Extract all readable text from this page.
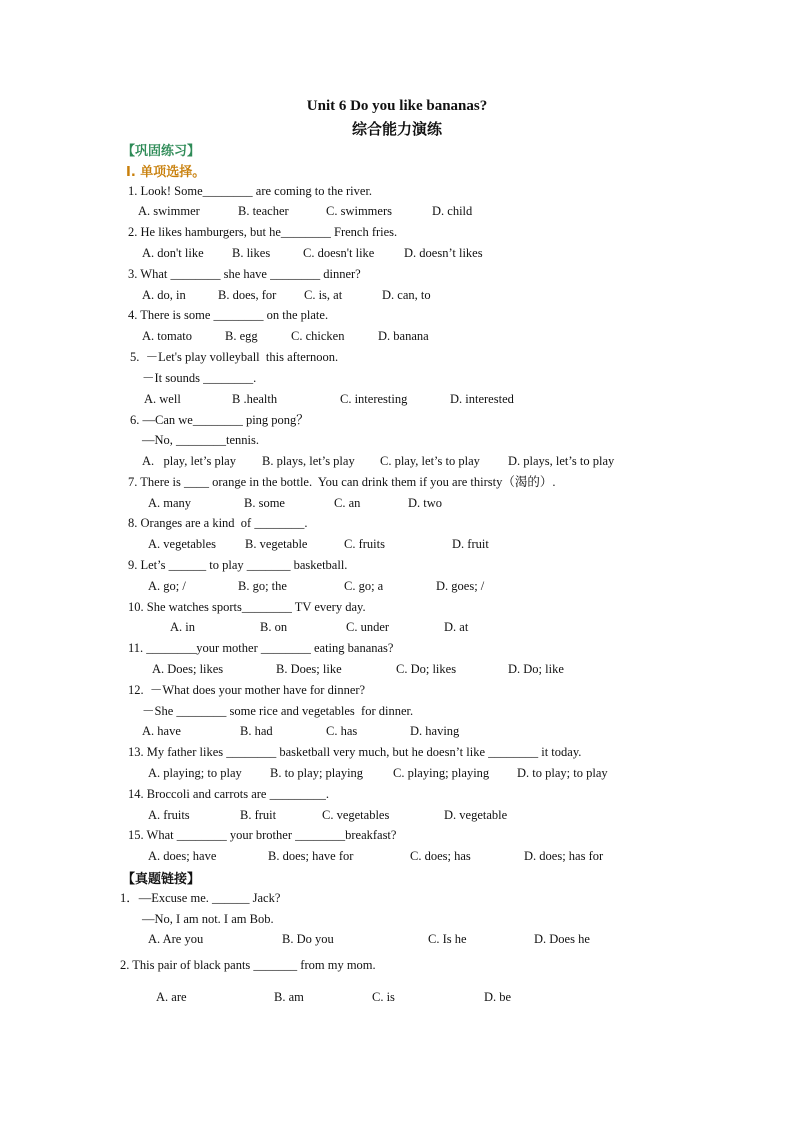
Unit 6 Do you like bananas?
综合能力演练
【巩固练习】
Ⅰ. 单项选择。
1. Look! Some________ are coming to the river.
A. swimmer	B. teacher	C. swimmers	D. child
2. He likes hamburgers, but he________ French fries.
A. don't like B. likes	C. doesn't like D. doesn’t likes
3. What ________ she have ________ dinner?
A. do, in	B. does, for C. is, at	D. can, to
4. There is some ________ on the plate.
A. tomato	B. egg	C. chicken	D. banana
5.  －Let's play volleyball  this afternoon.
－It sounds ________.
A. well	B .health	C. interesting	D. interested
6. —Can we________ ping pong？
—No, ________tennis.
A.   play, let’s play B. plays, let’s play C. play, let’s to play D. plays, let’s to play
7. There is ____ orange in the bottle.  You can drink them if you are thirsty（渴的）.
A. many	B. some	C. an	D. two
8. Oranges are a kind  of ________.
A. vegetables B. vegetable	C. fruits	D. fruit
9. Let’s ______ to play _______ basketball.
A. go; /	B. go; the	C. go; a	D. goes; /
10. She watches sports________ TV every day.
A. in	B. on	C. under	D. at
11. ________your mother ________ eating bananas?
A. Does; likes	B. Does; like	C. Do; likes	D. Do; like
12.  －What does your mother have for dinner?
－She ________ some rice and vegetables  for dinner.
A. have	B. had	C. has	D. having
13. My father likes ________ basketball very much, but he doesn’t like ________ it today.
A. playing; to play B. to play; playing C. playing; playing D. to play; to play
14. Broccoli and carrots are _________.
A. fruits	B. fruit	C. vegetables	D. vegetable
15. What ________ your brother ________breakfast?
A. does; have	B. does; have for	C. does; has	D. does; has for
【真题链接】
1．—Excuse me. ______ Jack?
—No, I am not. I am Bob.
A. Are you	B. Do you	C. Is he	D. Does he
2. This pair of black pants _______ from my mom.
A. are	B. am	C. is	D. be
